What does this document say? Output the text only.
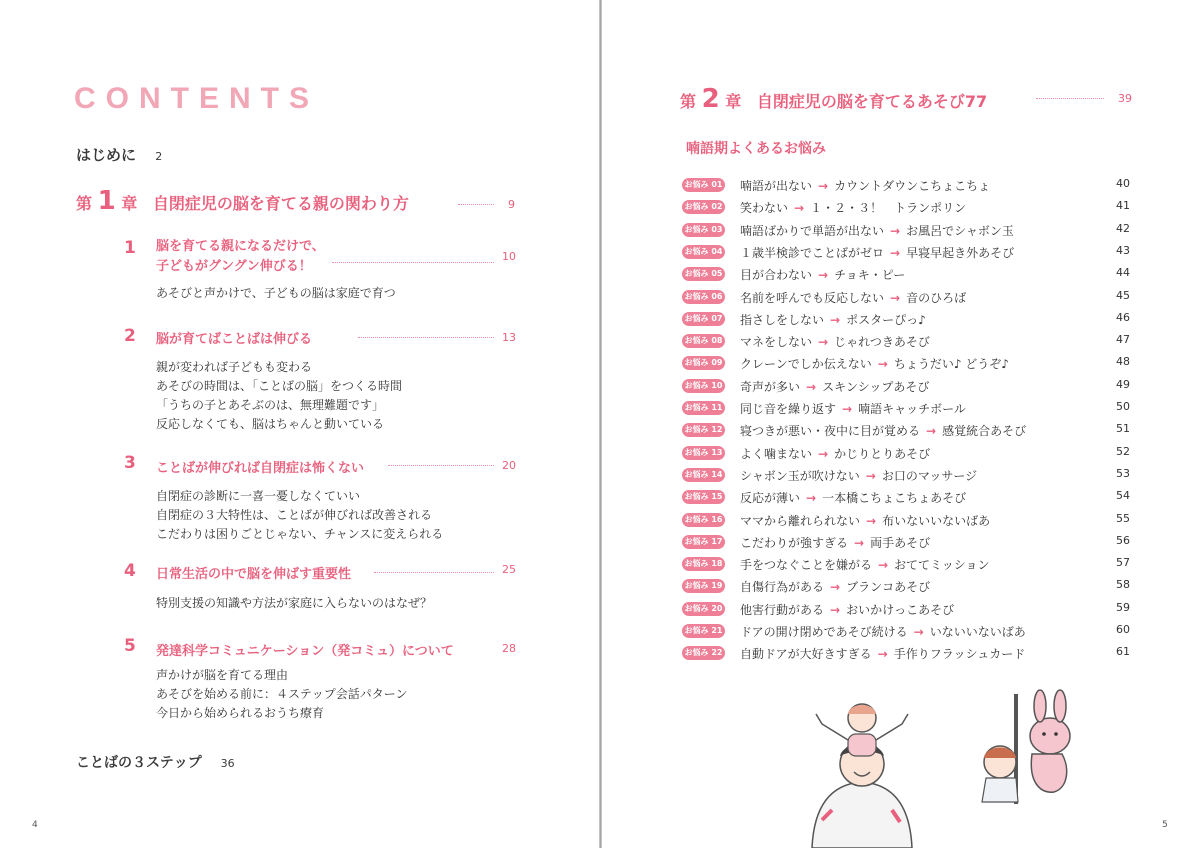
CONTENTS
はじめに 2
第 1 章 自閉症児の脳を育てる親の関わり方	9
1 脳を育てる親になるだけで、
子どもがグングン伸びる！
10
あそびと声かけで、子どもの脳は家庭で育つ
2 脳が育てばことばは伸びる	13
親が変われば子どもも変わる
あそびの時間は、「ことばの脳」をつくる時間
「うちの子とあそぶのは、無理難題です」
反応しなくても、脳はちゃんと動いている
3 ことばが伸びれば自閉症は怖くない	20
自閉症の診断に一喜一憂しなくていい
自閉症の３大特性は、ことばが伸びれば改善される
こだわりは困りごとじゃない、チャンスに変えられる
4 日常生活の中で脳を伸ばす重要性	25
特別支援の知識や方法が家庭に入らないのはなぜ？
5 発達科学コミュニケーション（発コミュ）について	28
声かけが脳を育てる理由
あそびを始める前に：４ステップ会話パターン
今日から始められるおうち療育
ことばの３ステップ 36
4
第 2 章 自閉症児の脳を育てるあそび77	39
喃語期よくあるお悩み
5
お悩み 01 喃語が出ない → カウントダウンこちょこちょ	40
お悩み 02 笑わない → １・２・３！　トランポリン	41
お悩み 03 喃語ばかりで単語が出ない → お風呂でシャボン玉	42
お悩み 04 １歳半検診でことばがゼロ → 早寝早起き外あそび	43
お悩み 05 目が合わない → チョキ・ピー	44
お悩み 06 名前を呼んでも反応しない → 音のひろば	45
お悩み 07 指さしをしない → ポスターぴっ♪	46
お悩み 08 マネをしない → じゃれつきあそび	47
お悩み 09 クレーンでしか伝えない → ちょうだい♪ どうぞ♪	48
お悩み 10 奇声が多い → スキンシップあそび	49
お悩み 11 同じ音を繰り返す → 喃語キャッチボール	50
お悩み 12 寝つきが悪い・夜中に目が覚める → 感覚統合あそび	51
お悩み 13 よく噛まない → かじりとりあそび	52
お悩み 14 シャボン玉が吹けない → お口のマッサージ	53
お悩み 15 反応が薄い → 一本橋こちょこちょあそび	54
お悩み 16 ママから離れられない → 布いないいないばあ	55
お悩み 17 こだわりが強すぎる → 両手あそび	56
お悩み 18 手をつなぐことを嫌がる → おててミッション	57
お悩み 19 自傷行為がある → ブランコあそび	58
お悩み 20 他害行動がある → おいかけっこあそび	59
お悩み 21 ドアの開け閉めであそび続ける → いないいないばあ	60
お悩み 22 自動ドアが大好きすぎる → 手作りフラッシュカード	61
